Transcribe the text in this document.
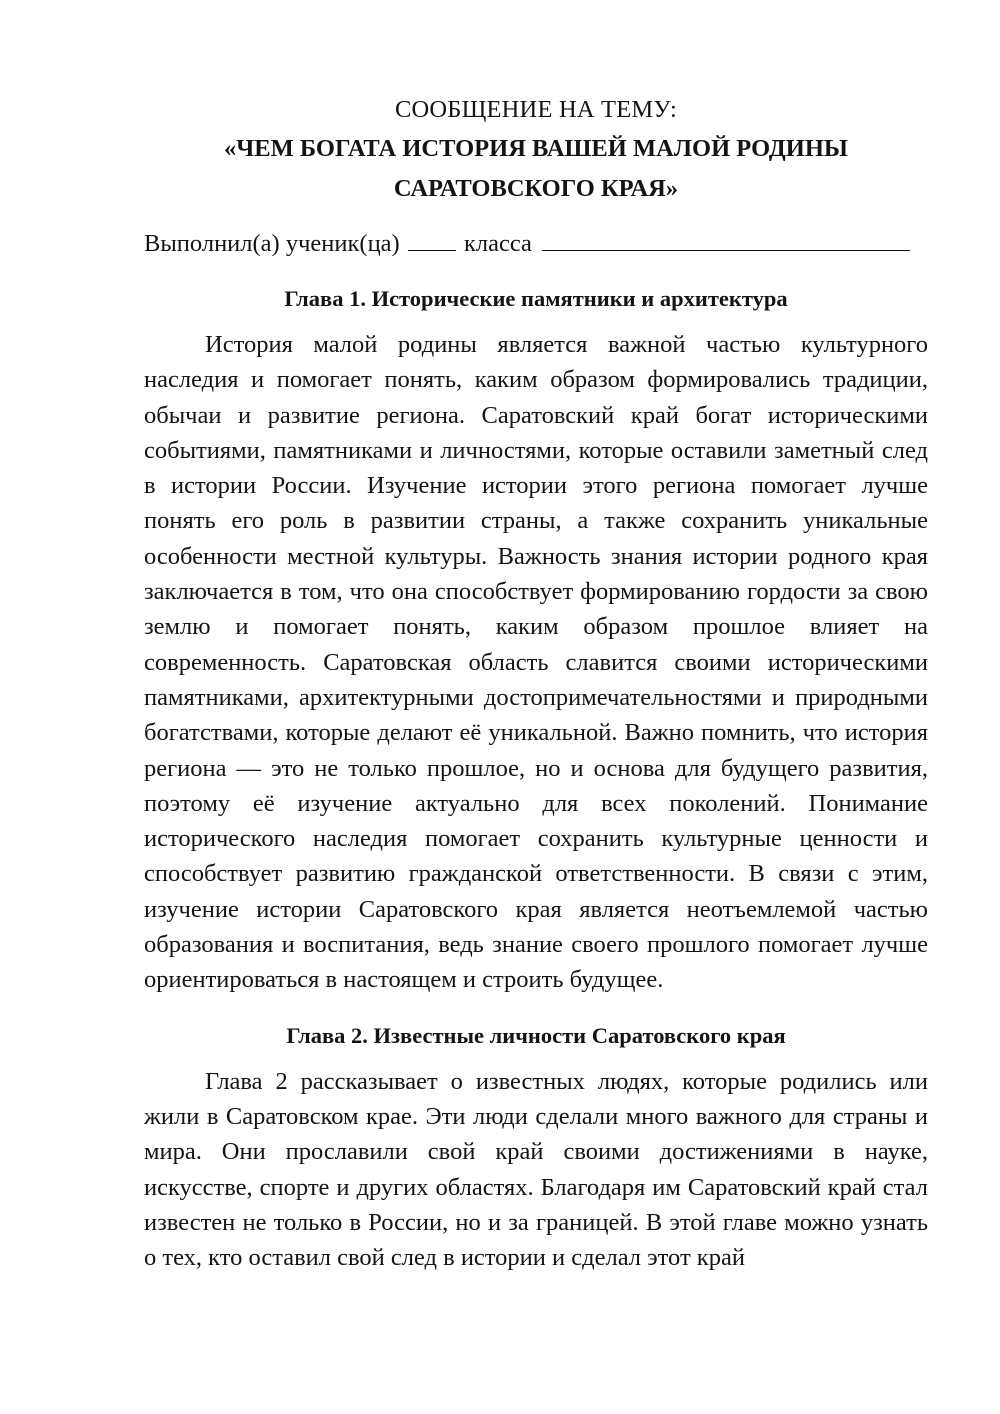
СООБЩЕНИЕ НА ТЕМУ:

«ЧЕМ БОГАТА ИСТОРИЯ ВАШЕЙ МАЛОЙ РОДИНЫ

САРАТОВСКОГО КРАЯ»

Выполнил(а) ученик(ца)	класса

Глава 1. Исторические памятники и архитектура

История малой родины является важной частью культурного наследия и помогает понять, каким образом формировались традиции, обычаи и развитие региона. Саратовский край богат историческими событиями, памятниками и личностями, которые оставили заметный след в истории России. Изучение истории этого региона помогает лучше понять его роль в развитии страны, а также сохранить уникальные особенности местной культуры. Важность знания истории родного края заключается в том, что она способствует формированию гордости за свою землю и помогает понять, каким образом прошлое влияет на современность. Саратовская область славится своими историческими памятниками, архитектурными достопримечательностями и природными богатствами, которые делают её уникальной. Важно помнить, что история региона — это не только прошлое, но и основа для будущего развития, поэтому её изучение актуально для всех поколений. Понимание исторического наследия помогает сохранить культурные ценности и способствует развитию гражданской ответственности. В связи с этим, изучение истории Саратовского края является неотъемлемой частью образования и воспитания, ведь знание своего прошлого помогает лучше ориентироваться в настоящем и строить будущее.

Глава 2. Известные личности Саратовского края

Глава 2 рассказывает о известных людях, которые родились или жили в Саратовском крае. Эти люди сделали много важного для страны и мира. Они прославили свой край своими достижениями в науке, искусстве, спорте и других областях. Благодаря им Саратовский край стал известен не только в России, но и за границей. В этой главе можно узнать о тех, кто оставил свой след в истории и сделал этот край
